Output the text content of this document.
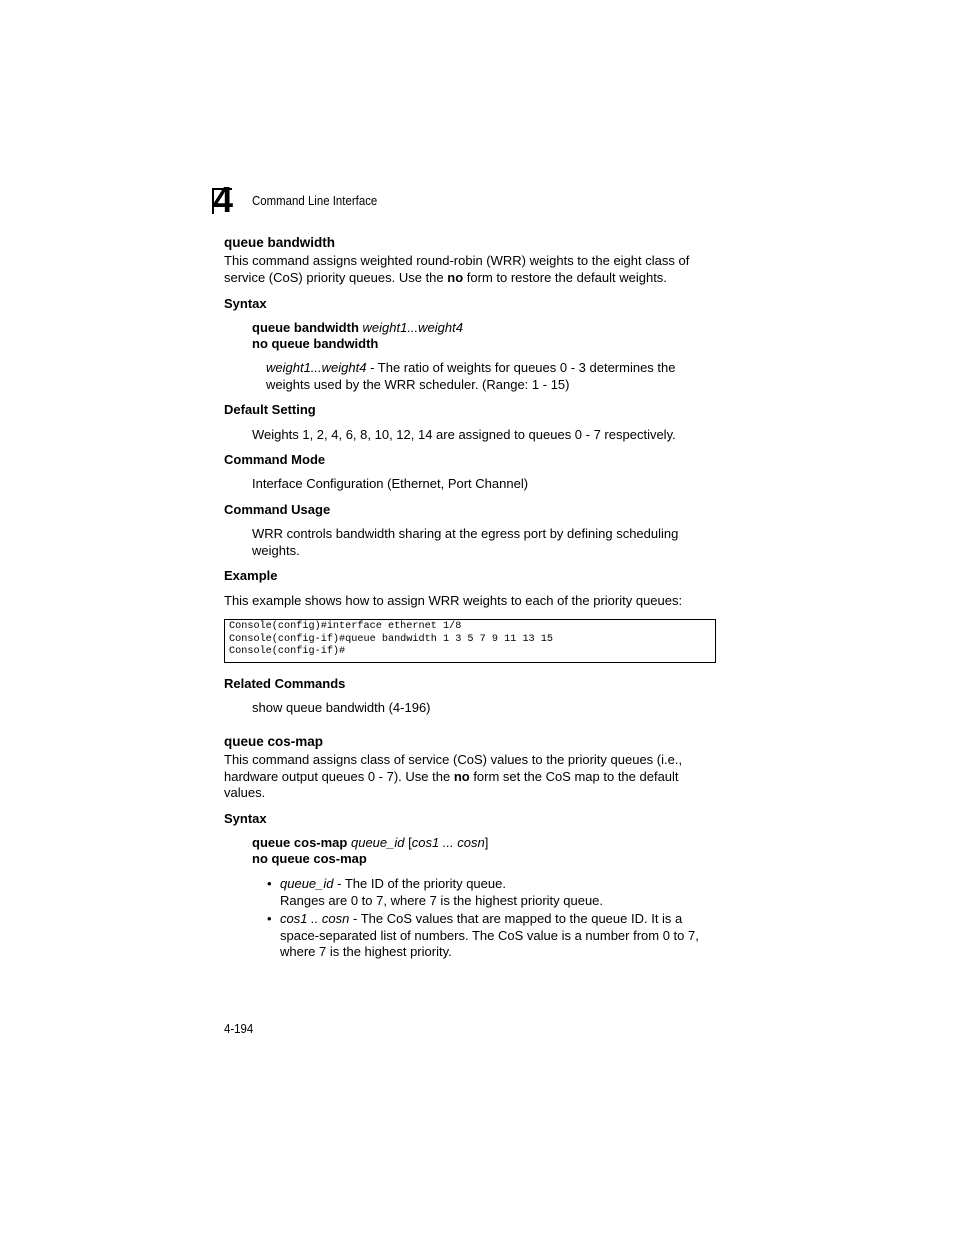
4 Command Line Interface
queue bandwidth
This command assigns weighted round-robin (WRR) weights to the eight class of
service (CoS) priority queues. Use the no form to restore the default weights.
Syntax
queue bandwidth weight1...weight4
no queue bandwidth
weight1...weight4 - The ratio of weights for queues 0 - 3 determines the
weights used by the WRR scheduler. (Range: 1 - 15)
Default Setting
Weights 1, 2, 4, 6, 8, 10, 12, 14 are assigned to queues 0 - 7 respectively.
Command Mode
Interface Configuration (Ethernet, Port Channel)
Command Usage
WRR controls bandwidth sharing at the egress port by defining scheduling
weights.
Example
This example shows how to assign WRR weights to each of the priority queues:
Console(config)#interface ethernet 1/8
Console(config-if)#queue bandwidth 1 3 5 7 9 11 13 15
Console(config-if)#
Related Commands
show queue bandwidth (4-196)
queue cos-map
This command assigns class of service (CoS) values to the priority queues (i.e.,
hardware output queues 0 - 7). Use the no form set the CoS map to the default
values.
Syntax
queue cos-map queue_id [cos1 ... cosn]
no queue cos-map
• queue_id - The ID of the priority queue.
Ranges are 0 to 7, where 7 is the highest priority queue.
• cos1 .. cosn - The CoS values that are mapped to the queue ID. It is a
space-separated list of numbers. The CoS value is a number from 0 to 7,
where 7 is the highest priority.
4-194
